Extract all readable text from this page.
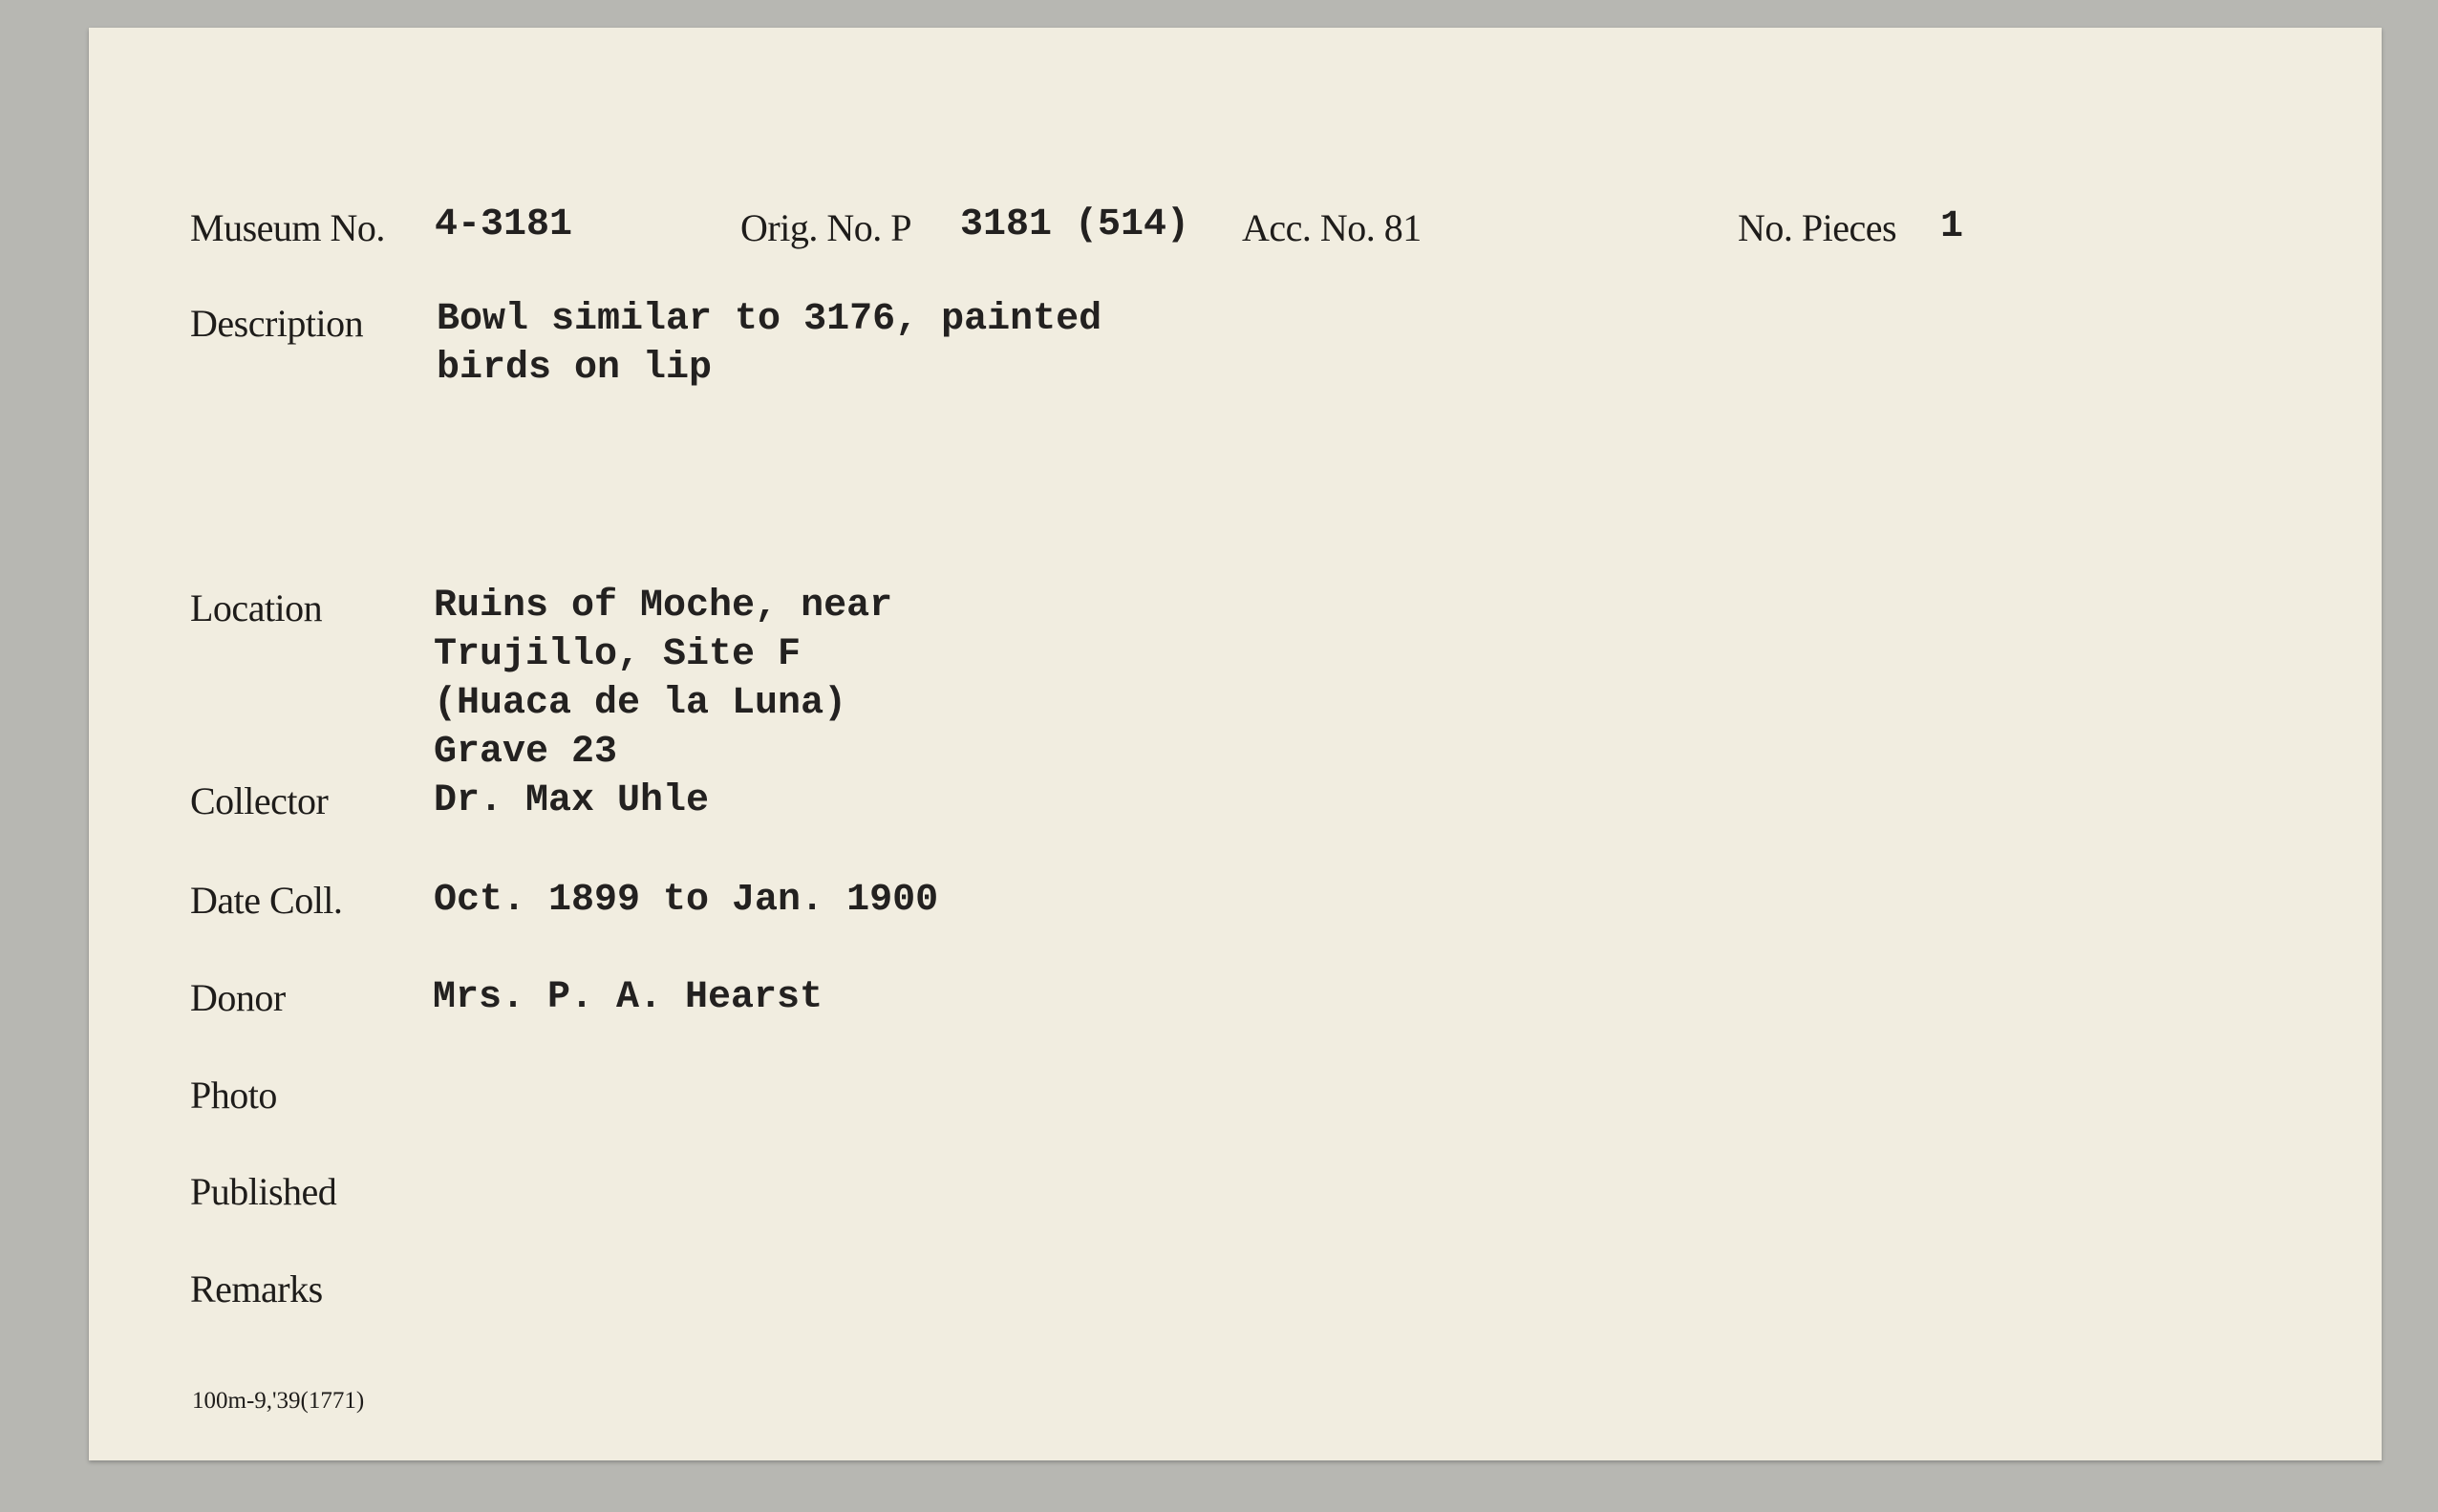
Museum No. 4-3181	Orig. No. P 3181 (514) Acc. No. 81	No. Pieces 1
Description Bowl similar to 3176, painted
birds on lip
Location	Ruins of Moche, near
Trujillo, Site F
(Huaca de la Luna)
Grave 23
Collector	Dr. Max Uhle
Date Coll. Oct. 1899 to Jan. 1900
Donor	Mrs. P. A. Hearst
Photo
Published
Remarks
100m-9,'39(1771)
